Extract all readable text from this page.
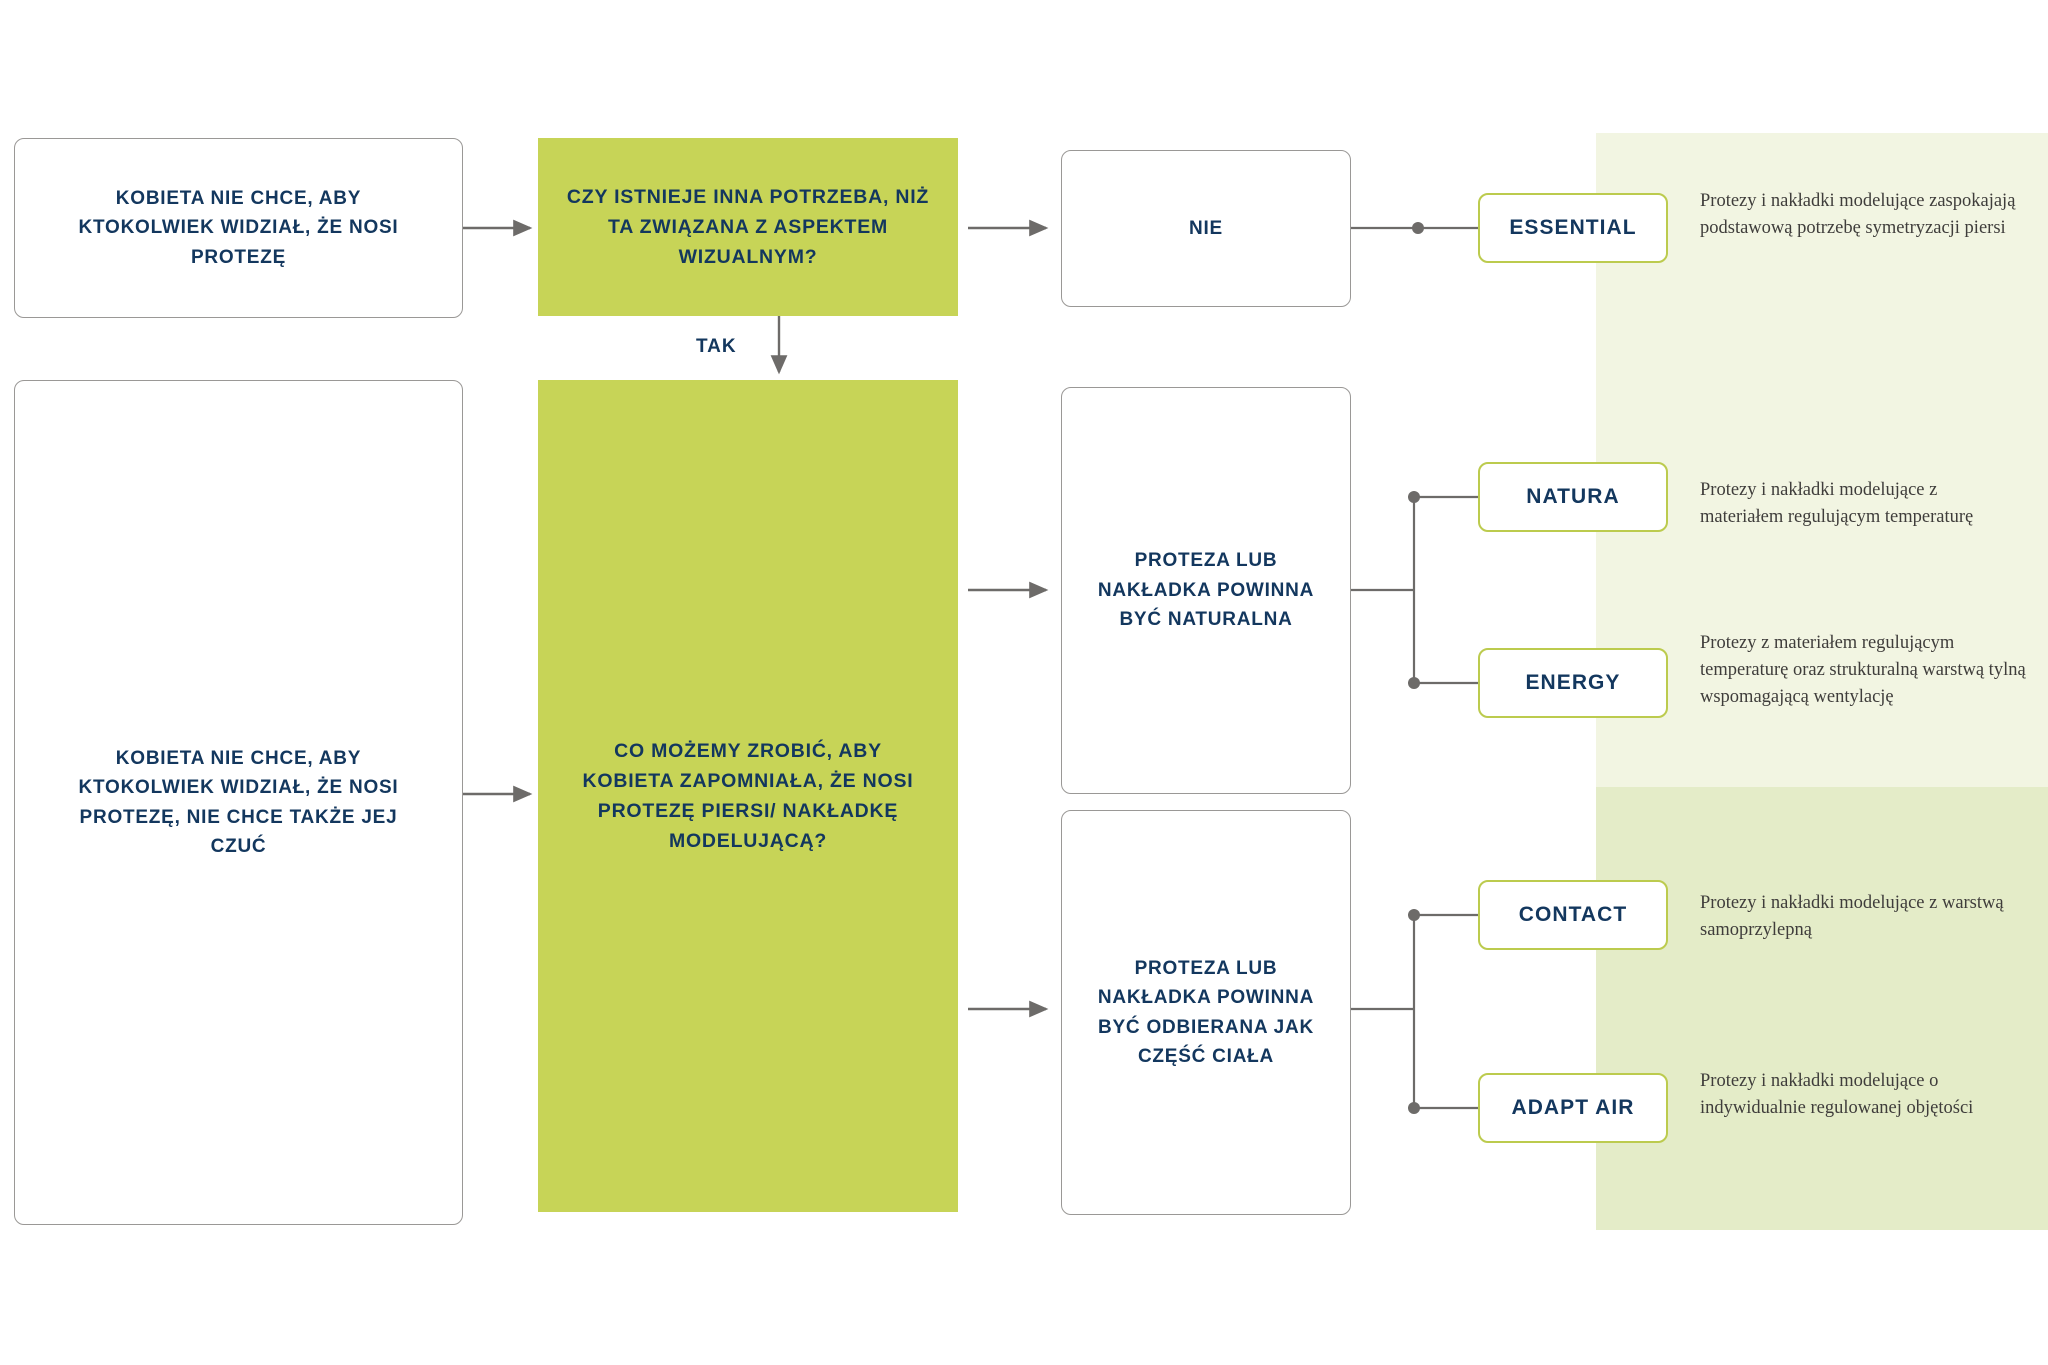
TAK
KOBIETA NIE CHCE, ABY KTOKOLWIEK WIDZIAŁ, ŻE NOSI PROTEZĘ
KOBIETA NIE CHCE, ABY KTOKOLWIEK WIDZIAŁ, ŻE NOSI PROTEZĘ, NIE CHCE TAKŻE JEJ CZUĆ
CZY ISTNIEJE INNA POTRZEBA, NIŻ TA ZWIĄZANA Z ASPEKTEM WIZUALNYM?
CO MOŻEMY ZROBIĆ, ABY KOBIETA ZAPOMNIAŁA, ŻE NOSI PROTEZĘ PIERSI/ NAKŁADKĘ MODELUJĄCĄ?
NIE
PROTEZA LUB NAKŁADKA POWINNA BYĆ NATURALNA
PROTEZA LUB NAKŁADKA POWINNA BYĆ ODBIERANA JAK CZĘŚĆ CIAŁA
ESSENTIAL
NATURA
ENERGY
CONTACT
ADAPT AIR
Protezy i nakładki modelujące zaspokajają podstawową potrzebę symetryzacji piersi
Protezy i nakładki modelujące z materiałem regulującym temperaturę
Protezy z materiałem regulującym temperaturę oraz strukturalną warstwą tylną wspomagającą wentylację
Protezy i nakładki modelujące z warstwą samoprzylepną
Protezy i nakładki modelujące o indywidualnie regulowanej objętości
